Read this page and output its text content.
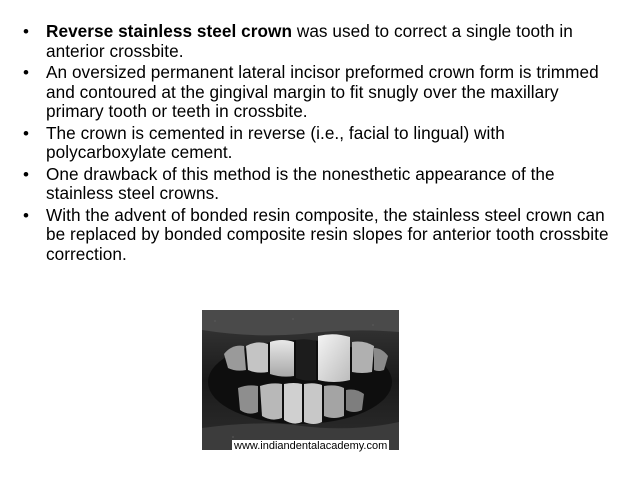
• Reverse stainless steel crown was used to correct a single tooth in anterior crossbite.
• An oversized permanent lateral incisor preformed crown form is trimmed and contoured at the gingival margin to fit snugly over the maxillary primary tooth or teeth in crossbite.
• The crown is cemented in reverse (i.e., facial to lingual) with polycarboxylate cement.
• One drawback of this method is the nonesthetic appearance of the stainless steel crowns.
• With the advent of bonded resin composite, the stainless steel crown can be replaced by bonded composite resin slopes for anterior tooth crossbite correction.
www.indiandentalacademy.com
